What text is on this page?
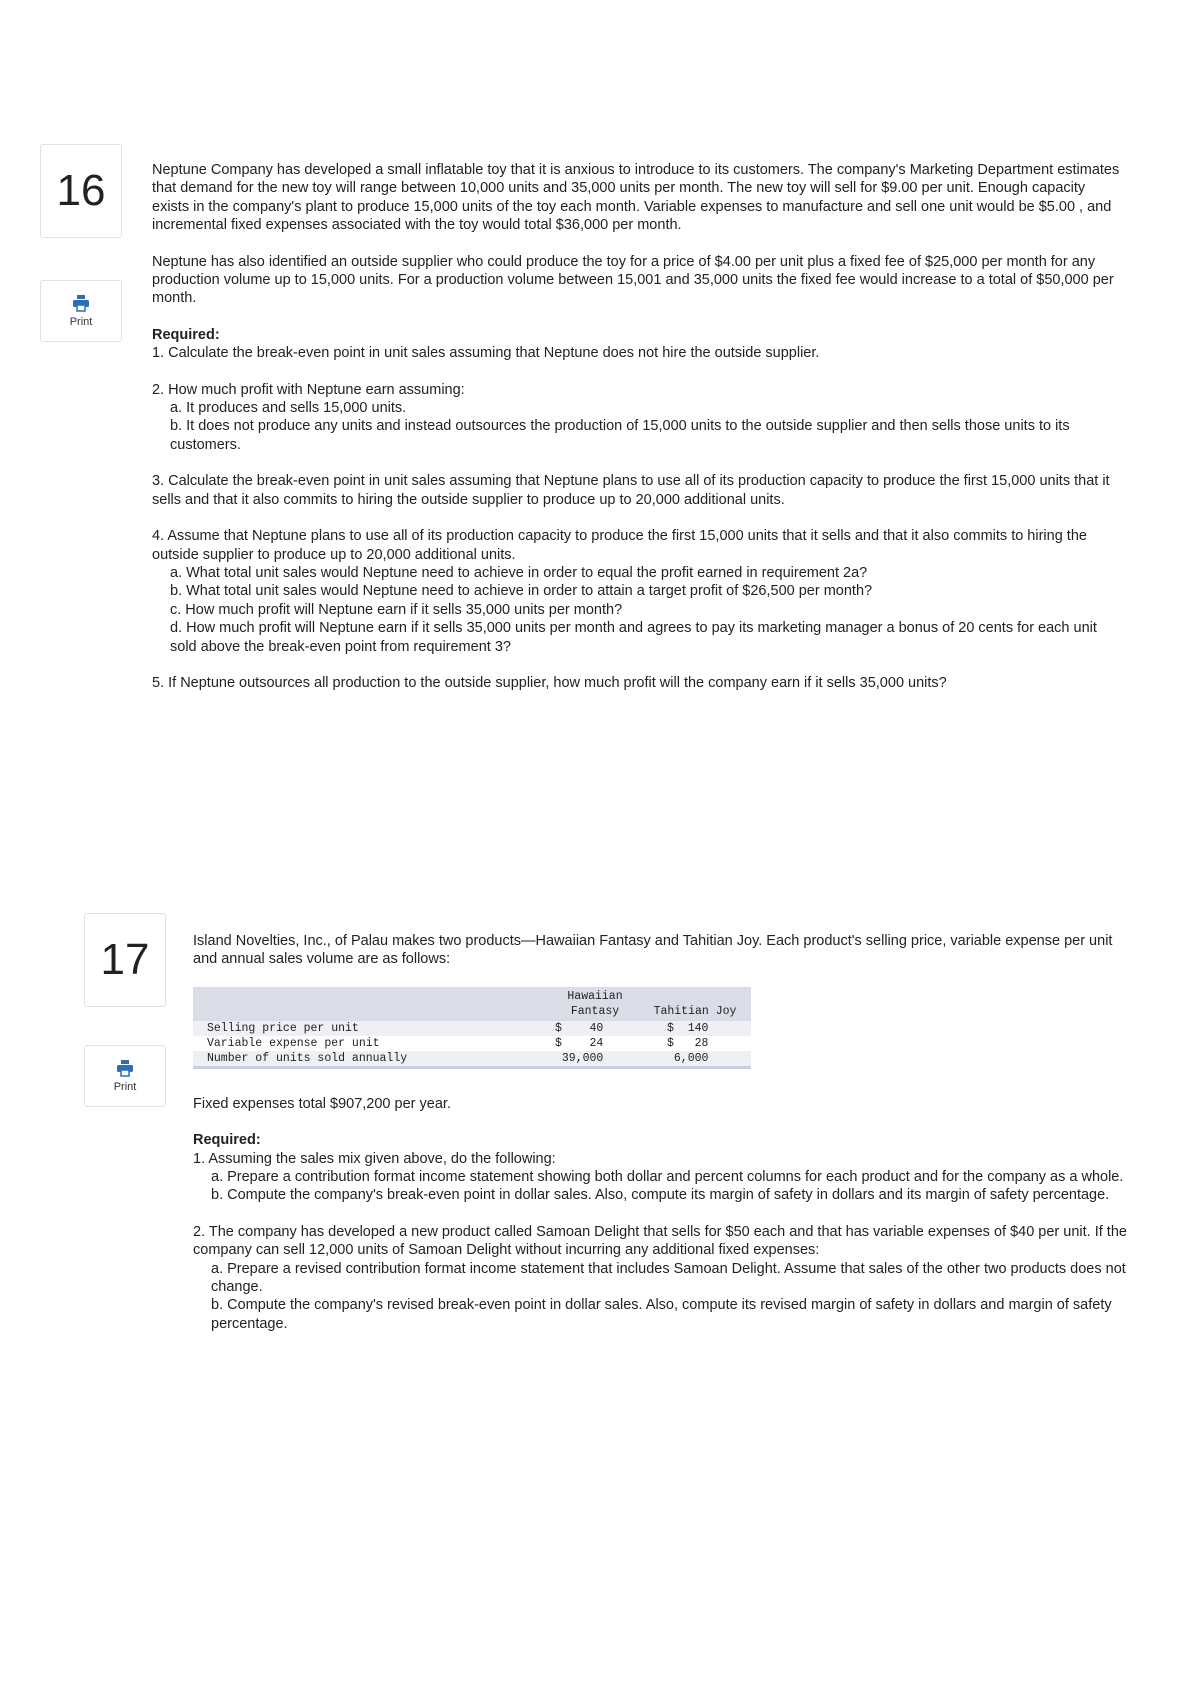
16
Print

Neptune Company has developed a small inflatable toy that it is anxious to introduce to its customers. The company's Marketing Department estimates that demand for the new toy will range between 10,000 units and 35,000 units per month. The new toy will sell for $9.00 per unit. Enough capacity exists in the company's plant to produce 15,000 units of the toy each month. Variable expenses to manufacture and sell one unit would be $5.00 , and incremental fixed expenses associated with the toy would total $36,000 per month.

Neptune has also identified an outside supplier who could produce the toy for a price of $4.00 per unit plus a fixed fee of $25,000 per month for any production volume up to 15,000 units. For a production volume between 15,001 and 35,000 units the fixed fee would increase to a total of $50,000 per month.

Required:

1. Calculate the break-even point in unit sales assuming that Neptune does not hire the outside supplier.

2. How much profit with Neptune earn assuming:

a. It produces and sells 15,000 units.

b. It does not produce any units and instead outsources the production of 15,000 units to the outside supplier and then sells those units to its customers.

3. Calculate the break-even point in unit sales assuming that Neptune plans to use all of its production capacity to produce the first 15,000 units that it sells and that it also commits to hiring the outside supplier to produce up to 20,000 additional units.

4. Assume that Neptune plans to use all of its production capacity to produce the first 15,000 units that it sells and that it also commits to hiring the outside supplier to produce up to 20,000 additional units.

a. What total unit sales would Neptune need to achieve in order to equal the profit earned in requirement 2a?

b. What total unit sales would Neptune need to achieve in order to attain a target profit of $26,500 per month?

c. How much profit will Neptune earn if it sells 35,000 units per month?

d. How much profit will Neptune earn if it sells 35,000 units per month and agrees to pay its marketing manager a bonus of 20 cents for each unit sold above the break-even point from requirement 3?

5. If Neptune outsources all production to the outside supplier, how much profit will the company earn if it sells 35,000 units?

17
Print

Island Novelties, Inc., of Palau makes two products—Hawaiian Fantasy and Tahitian Joy. Each product's selling price, variable expense per unit and annual sales volume are as follows:

	Hawaiian
Fantasy	Tahitian Joy
Selling price per unit	$    40	$  140
Variable expense per unit	$    24	$   28
Number of units sold annually	39,000	6,000

Fixed expenses total $907,200 per year.

Required:

1. Assuming the sales mix given above, do the following:

a. Prepare a contribution format income statement showing both dollar and percent columns for each product and for the company as a whole.

b. Compute the company's break-even point in dollar sales. Also, compute its margin of safety in dollars and its margin of safety percentage.

2. The company has developed a new product called Samoan Delight that sells for $50 each and that has variable expenses of $40 per unit. If the company can sell 12,000 units of Samoan Delight without incurring any additional fixed expenses:

a. Prepare a revised contribution format income statement that includes Samoan Delight. Assume that sales of the other two products does not change.

b. Compute the company's revised break-even point in dollar sales. Also, compute its revised margin of safety in dollars and margin of safety percentage.
